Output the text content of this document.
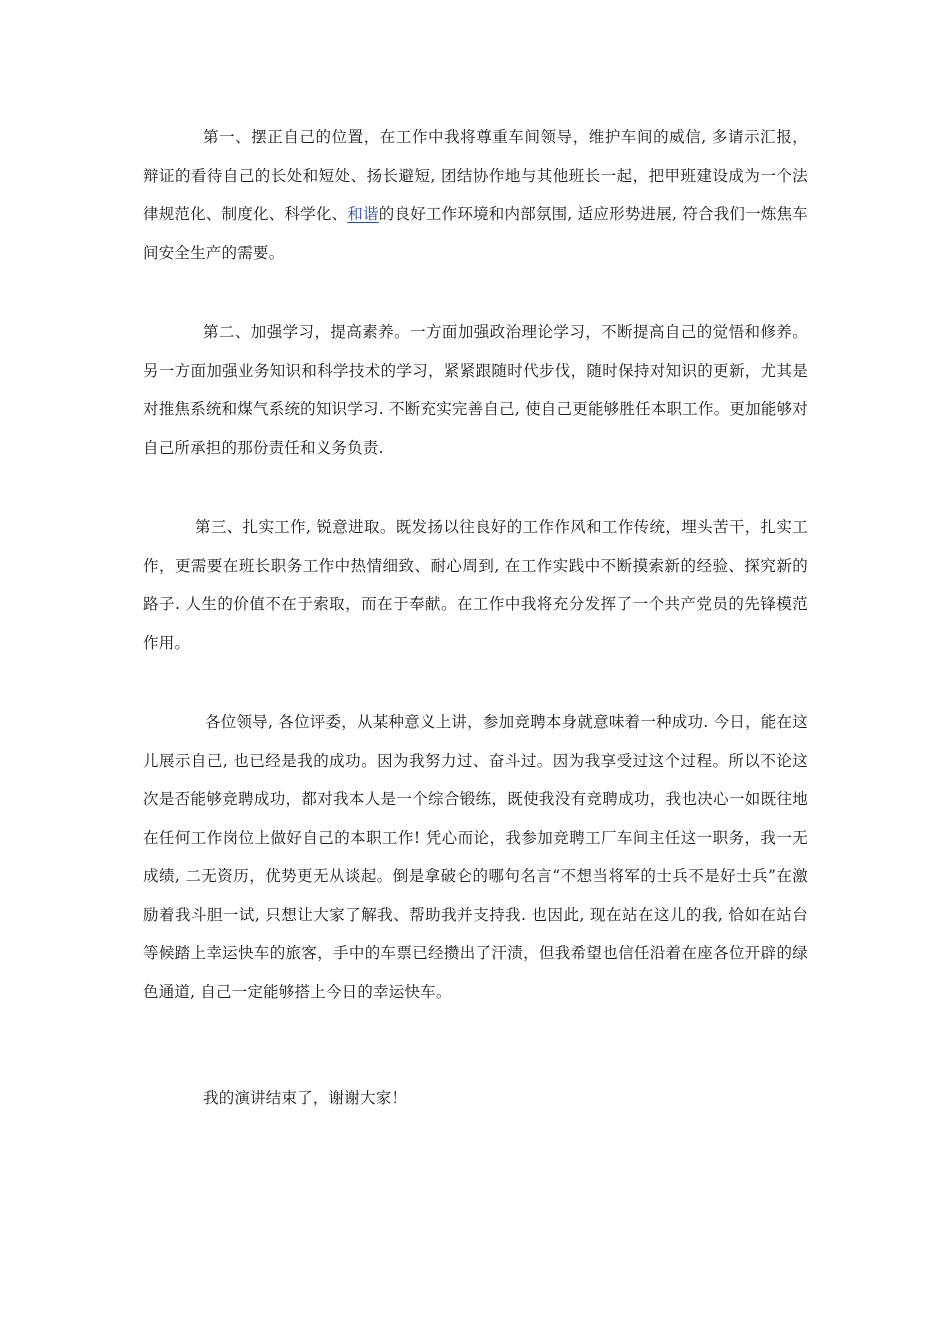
第一、摆正自己的位置，在工作中我将尊重车间领导，维护车间的威信, 多请示汇报，辩证的看待自己的长处和短处、扬长避短, 团结协作地与其他班长一起，把甲班建设成为一个法律规范化、制度化、科学化、和谐的良好工作环境和内部氛围, 适应形势进展, 符合我们一炼焦车间安全生产的需要。

第二、加强学习，提高素养。一方面加强政治理论学习，不断提高自己的觉悟和修养。另一方面加强业务知识和科学技术的学习，紧紧跟随时代步伐，随时保持对知识的更新，尤其是对推焦系统和煤气系统的知识学习. 不断充实完善自己, 使自己更能够胜任本职工作。更加能够对自己所承担的那份责任和义务负责.

第三、扎实工作, 锐意进取。既发扬以往良好的工作作风和工作传统，埋头苦干，扎实工作，更需要在班长职务工作中热情细致、耐心周到, 在工作实践中不断摸索新的经验、探究新的路子. 人生的价值不在于索取，而在于奉献。在工作中我将充分发挥了一个共产党员的先锋模范作用。

各位领导, 各位评委，从某种意义上讲，参加竞聘本身就意味着一种成功. 今日，能在这儿展示自己, 也已经是我的成功。因为我努力过、奋斗过。因为我享受过这个过程。所以不论这次是否能够竞聘成功，都对我本人是一个综合锻练，既使我没有竞聘成功，我也决心一如既往地在任何工作岗位上做好自己的本职工作! 凭心而论，我参加竞聘工厂车间主任这一职务，我一无成绩, 二无资历，优势更无从谈起。倒是拿破仑的哪句名言“不想当将军的士兵不是好士兵”在激励着我斗胆一试, 只想让大家了解我、帮助我并支持我. 也因此, 现在站在这儿的我, 恰如在站台等候踏上幸运快车的旅客，手中的车票已经攒出了汗渍，但我希望也信任沿着在座各位开辟的绿色通道, 自己一定能够搭上今日的幸运快车。

我的演讲结束了，谢谢大家！
